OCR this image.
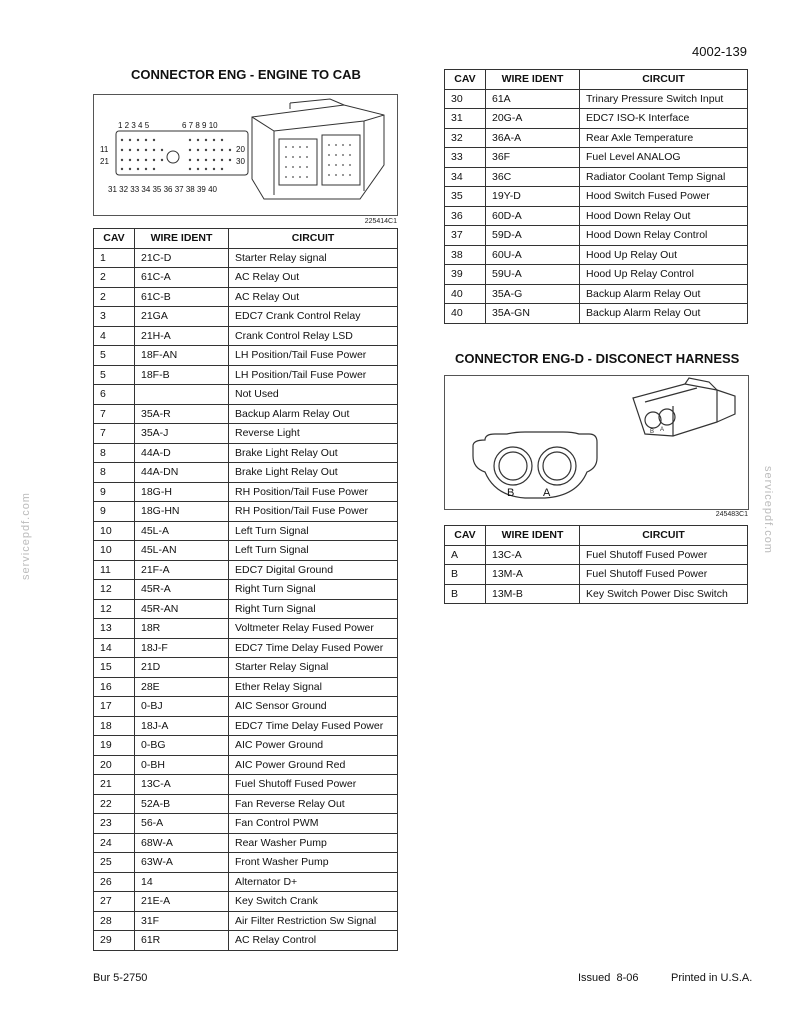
4002-139
servicepdf.com	servicepdf.com
CONNECTOR ENG - ENGINE TO CAB
1 2 3 4 5	6 7 8 9 10
11
21
20
30
31 32 33 34 35 36 37 38 39 40
225414C1
CAV	WIRE IDENT	CIRCUIT
1	21C-D	Starter Relay signal
2	61C-A	AC Relay Out
2	61C-B	AC Relay Out
3	21GA	EDC7 Crank Control Relay
4	21H-A	Crank Control Relay LSD
5	18F-AN	LH Position/Tail Fuse Power
5	18F-B	LH Position/Tail Fuse Power
6		Not Used
7	35A-R	Backup Alarm Relay Out
7	35A-J	Reverse Light
8	44A-D	Brake Light Relay Out
8	44A-DN	Brake Light Relay Out
9	18G-H	RH Position/Tail Fuse Power
9	18G-HN	RH Position/Tail Fuse Power
10	45L-A	Left Turn Signal
10	45L-AN	Left Turn Signal
11	21F-A	EDC7 Digital Ground
12	45R-A	Right Turn Signal
12	45R-AN	Right Turn Signal
13	18R	Voltmeter Relay Fused Power
14	18J-F	EDC7 Time Delay Fused Power
15	21D	Starter Relay Signal
16	28E	Ether Relay Signal
17	0-BJ	AIC Sensor Ground
18	18J-A	EDC7 Time Delay Fused Power
19	0-BG	AIC Power Ground
20	0-BH	AIC Power Ground Red
21	13C-A	Fuel Shutoff Fused Power
22	52A-B	Fan Reverse Relay Out
23	56-A	Fan Control PWM
24	68W-A	Rear Washer Pump
25	63W-A	Front Washer Pump
26	14	Alternator D+
27	21E-A	Key Switch Crank
28	31F	Air Filter Restriction Sw Signal
29	61R	AC Relay Control
CAV	WIRE IDENT	CIRCUIT
30	61A	Trinary Pressure Switch Input
31	20G-A	EDC7 ISO-K Interface
32	36A-A	Rear Axle Temperature
33	36F	Fuel Level ANALOG
34	36C	Radiator Coolant Temp Signal
35	19Y-D	Hood Switch Fused Power
36	60D-A	Hood Down Relay Out
37	59D-A	Hood Down Relay Control
38	60U-A	Hood Up Relay Out
39	59U-A	Hood Up Relay Control
40	35A-G	Backup Alarm Relay Out
40	35A-GN	Backup Alarm Relay Out
CONNECTOR ENG-D - DISCONECT HARNESS
B A
B	A
245483C1
CAV	WIRE IDENT	CIRCUIT
A	13C-A	Fuel Shutoff Fused Power
B	13M-A	Fuel Shutoff Fused Power
B	13M-B	Key Switch Power Disc Switch
Bur 5-2750	Issued  8-06	Printed in U.S.A.
